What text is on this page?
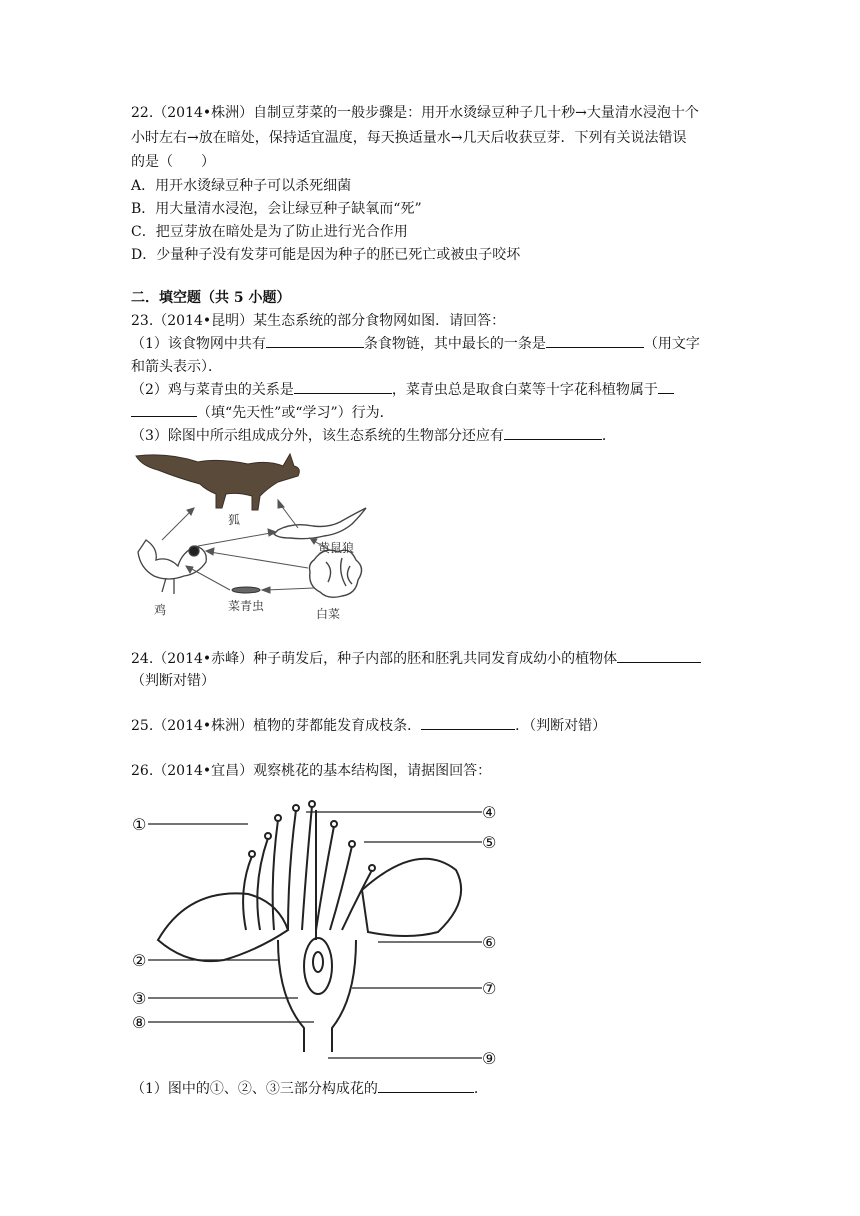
22.（2014•株洲）自制豆芽菜的一般步骤是：用开水烫绿豆种子几十秒→大量清水浸泡十个
小时左右→放在暗处，保持适宜温度，每天换适量水→几天后收获豆芽．下列有关说法错误
的是（　　）
A．用开水烫绿豆种子可以杀死细菌
B．用大量清水浸泡，会让绿豆种子缺氧而“死”
C．把豆芽放在暗处是为了防止进行光合作用
D．少量种子没有发芽可能是因为种子的胚已死亡或被虫子咬坏
二．填空题（共 5 小题）
23.（2014•昆明）某生态系统的部分食物网如图．请回答：
（1）该食物网中共有	条食物链，其中最长的一条是	（用文字
和箭头表示）．
（2）鸡与菜青虫的关系是	，菜青虫总是取食白菜等十字花科植物属于
（填“先天性”或“学习”）行为．
（3）除图中所示组成成分外，该生态系统的生物部分还应有	．
狐
黄鼠狼
鸡	菜青虫
白菜
24.（2014•赤峰）种子萌发后，种子内部的胚和胚乳共同发育成幼小的植物体
（判断对错）
25.（2014•株洲）植物的芽都能发育成枝条．	．（判断对错）
26.（2014•宜昌）观察桃花的基本结构图，请据图回答：
①
②
③
⑧
④
⑤
⑥
⑦
⑨
（1）图中的①、②、③三部分构成花的	．
